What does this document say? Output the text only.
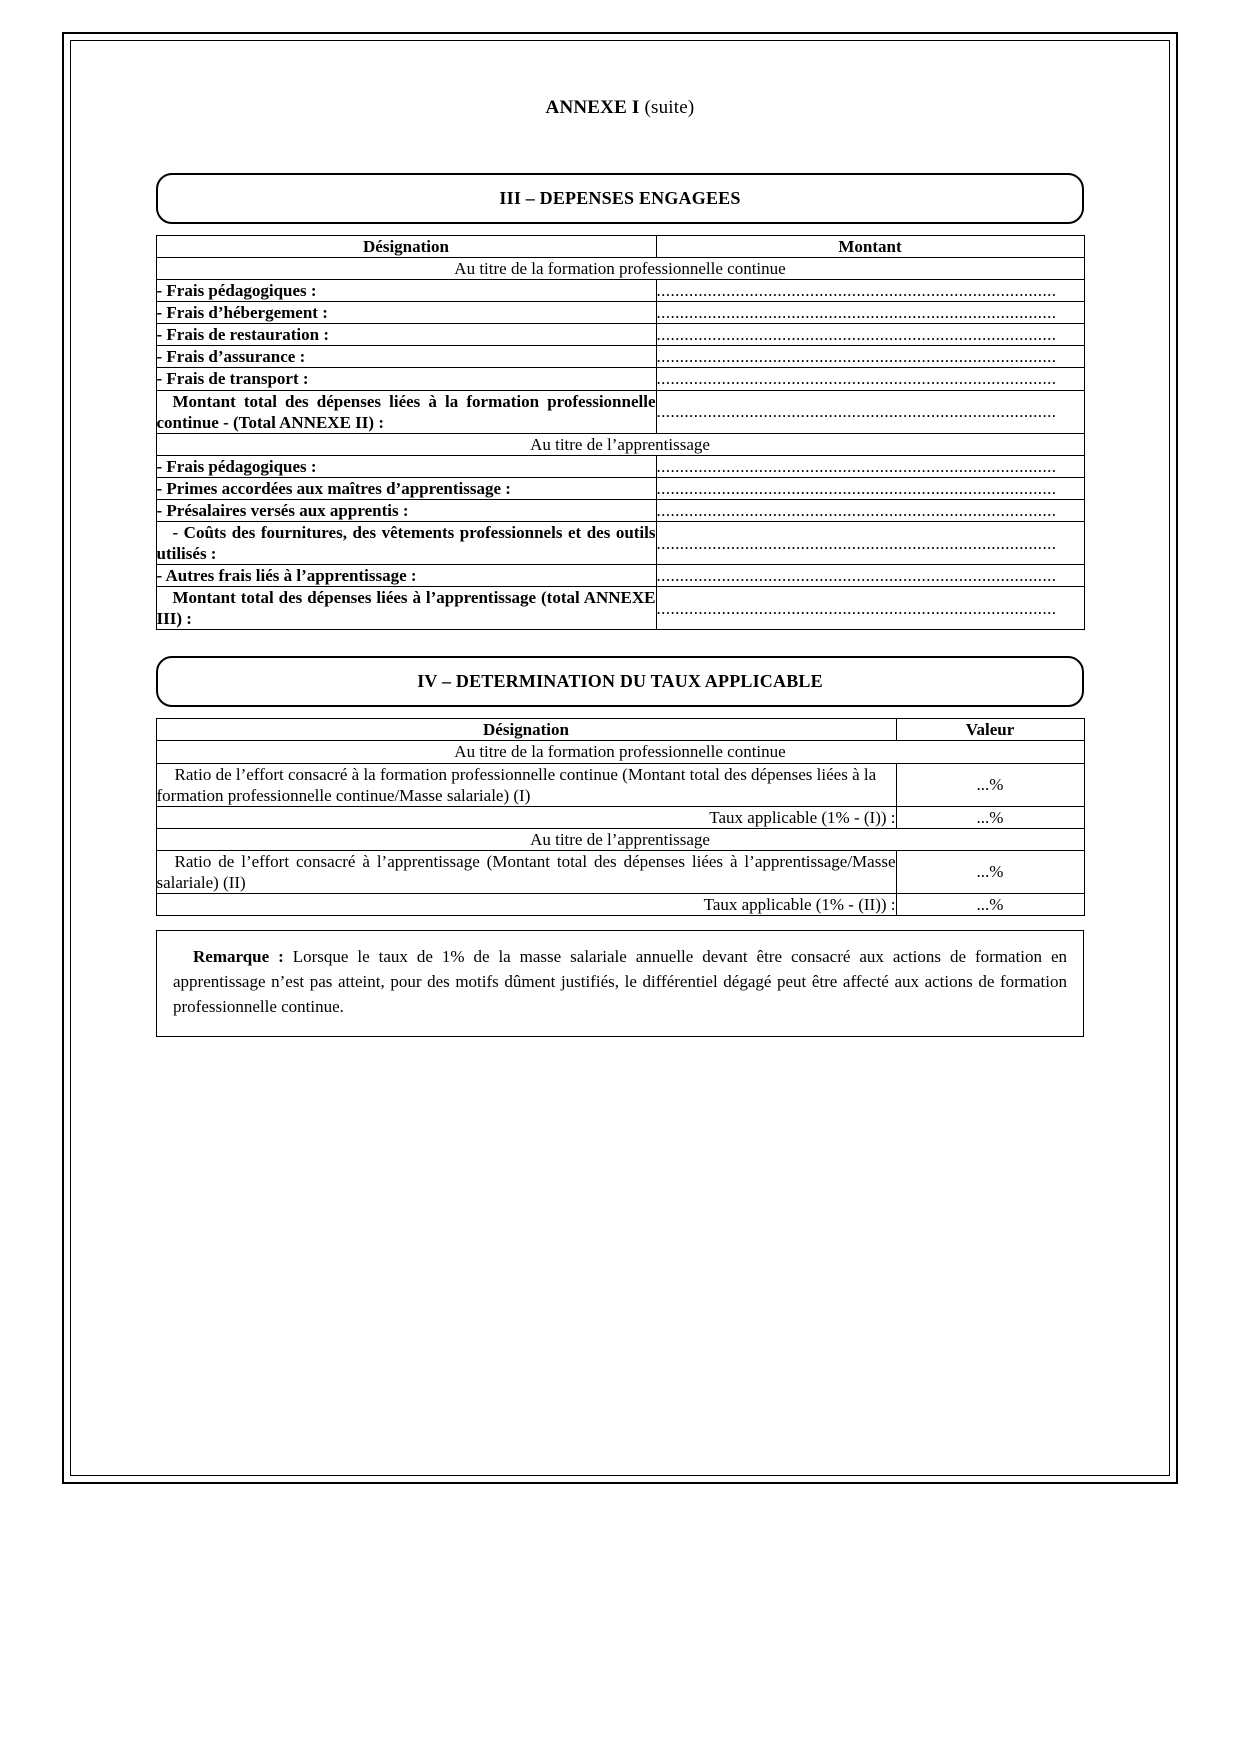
ANNEXE I (suite)
III – DEPENSES ENGAGEES
Désignation	Montant
Au titre de la formation professionnelle continue	
- Frais pédagogiques :	......................................................................................
- Frais d’hébergement :	......................................................................................
- Frais de restauration :	......................................................................................
- Frais d’assurance :	......................................................................................
- Frais de transport :	......................................................................................
Montant total des dépenses liées à la formation professionnelle continue - (Total ANNEXE II) :	......................................................................................
Au titre de l’apprentissage	
- Frais pédagogiques :	......................................................................................
- Primes accordées aux maîtres d’apprentissage :	......................................................................................
- Présalaires versés aux apprentis :	......................................................................................
- Coûts des fournitures, des vêtements professionnels et des outils utilisés :	......................................................................................
- Autres frais liés à l’apprentissage :	......................................................................................
Montant total des dépenses liées à l’apprentissage (total ANNEXE III) :	......................................................................................
IV – DETERMINATION DU TAUX APPLICABLE
Désignation	Valeur
Au titre de la formation professionnelle continue	
Ratio de l’effort consacré à la formation professionnelle continue (Montant total des dépenses liées à la formation professionnelle continue/Masse salariale) (I)	...%
Taux applicable (1% - (I)) :	...%
Au titre de l’apprentissage	
Ratio de l’effort consacré à l’apprentissage (Montant total des dépenses liées à l’apprentissage/Masse salariale) (II)	...%
Taux applicable (1% - (II)) :	...%
Remarque : Lorsque le taux de 1% de la masse salariale annuelle devant être consacré aux actions de formation en apprentissage n’est pas atteint, pour des motifs dûment justifiés, le différentiel dégagé peut être affecté aux actions de formation professionnelle continue.
